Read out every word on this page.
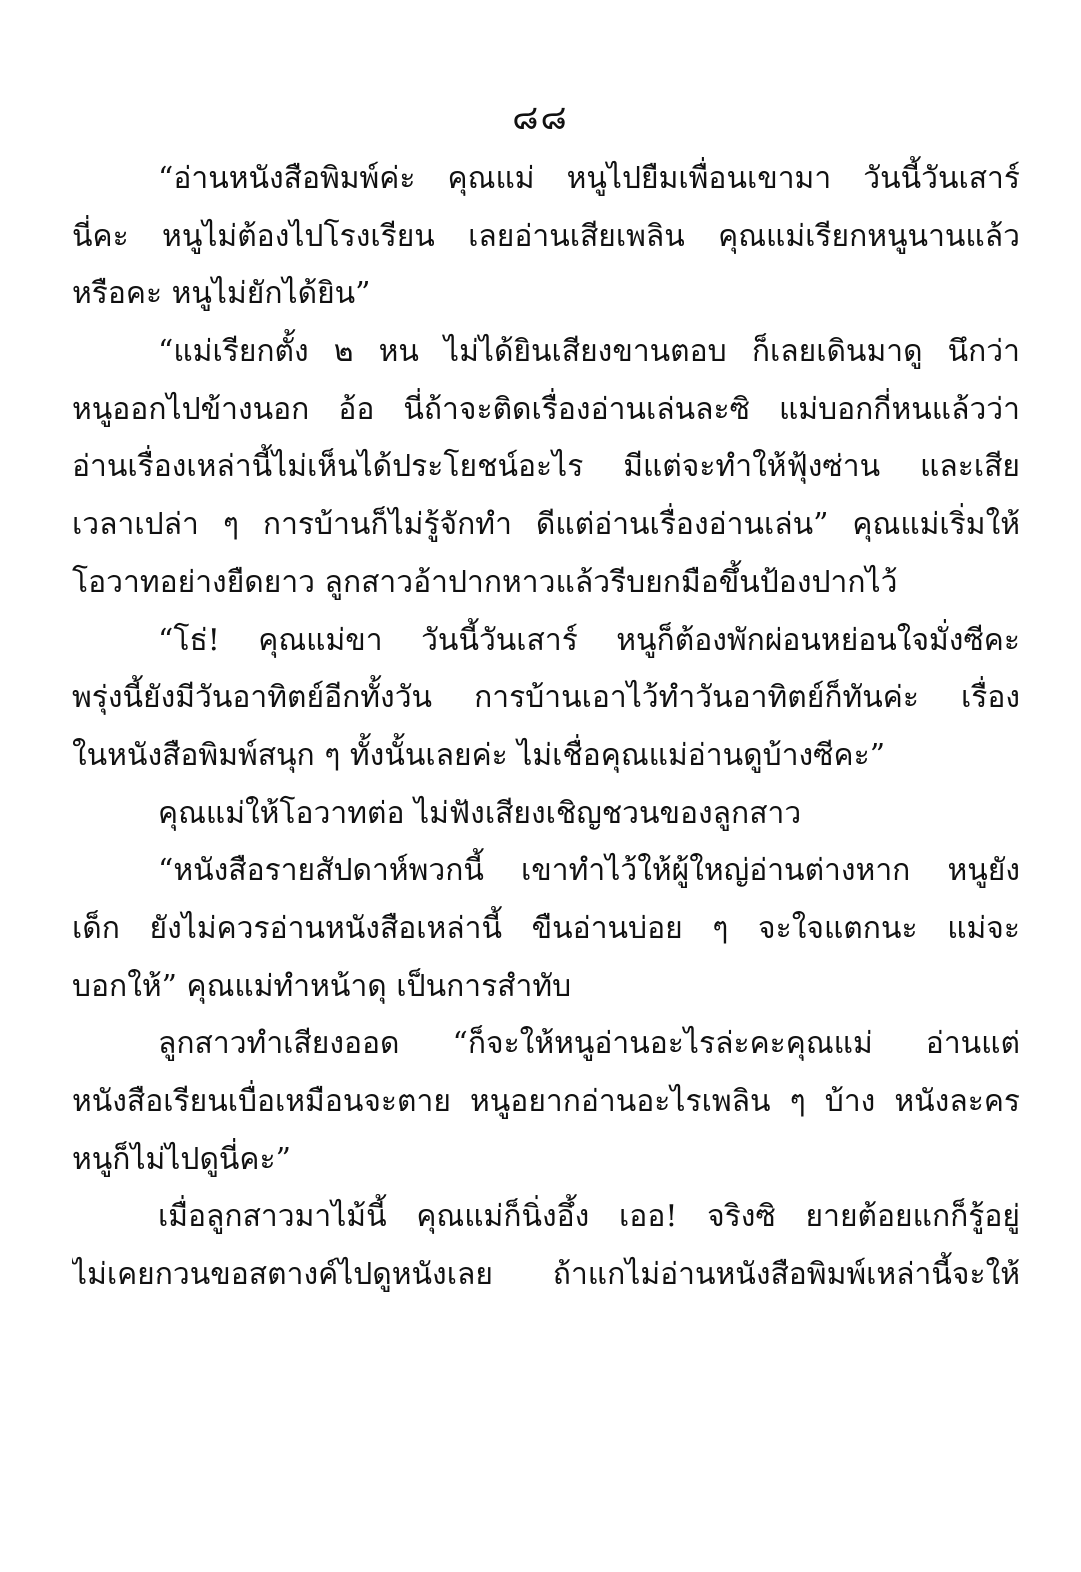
๘๘
“อ่านหนังสือพิมพ์ค่ะ คุณแม่ หนูไปยืมเพื่อนเขามา วันนี้วันเสาร์
นี่คะ หนูไม่ต้องไปโรงเรียน เลยอ่านเสียเพลิน คุณแม่เรียกหนูนานแล้ว
หรือคะ หนูไม่ยักได้ยิน”
“แม่เรียกตั้ง ๒ หน ไม่ได้ยินเสียงขานตอบ ก็เลยเดินมาดู นึกว่า
หนูออกไปข้างนอก อ้อ นี่ถ้าจะติดเรื่องอ่านเล่นละซิ แม่บอกกี่หนแล้วว่า
อ่านเรื่องเหล่านี้ไม่เห็นได้ประโยชน์อะไร มีแต่จะทำให้ฟุ้งซ่าน และเสีย
เวลาเปล่า ๆ การบ้านก็ไม่รู้จักทำ ดีแต่อ่านเรื่องอ่านเล่น” คุณแม่เริ่มให้
โอวาทอย่างยืดยาว ลูกสาวอ้าปากหาวแล้วรีบยกมือขึ้นป้องปากไว้
“โธ่! คุณแม่ขา วันนี้วันเสาร์ หนูก็ต้องพักผ่อนหย่อนใจมั่งซีคะ
พรุ่งนี้ยังมีวันอาทิตย์อีกทั้งวัน การบ้านเอาไว้ทำวันอาทิตย์ก็ทันค่ะ เรื่อง
ในหนังสือพิมพ์สนุก ๆ ทั้งนั้นเลยค่ะ ไม่เชื่อคุณแม่อ่านดูบ้างซีคะ”
คุณแม่ให้โอวาทต่อ ไม่ฟังเสียงเชิญชวนของลูกสาว
“หนังสือรายสัปดาห์พวกนี้ เขาทำไว้ให้ผู้ใหญ่อ่านต่างหาก หนูยัง
เด็ก ยังไม่ควรอ่านหนังสือเหล่านี้ ขืนอ่านบ่อย ๆ จะใจแตกนะ แม่จะ
บอกให้” คุณแม่ทำหน้าดุ เป็นการสำทับ
ลูกสาวทำเสียงออด “ก็จะให้หนูอ่านอะไรล่ะคะคุณแม่ อ่านแต่
หนังสือเรียนเบื่อเหมือนจะตาย หนูอยากอ่านอะไรเพลิน ๆ บ้าง หนังละคร
หนูก็ไม่ไปดูนี่คะ”
เมื่อลูกสาวมาไม้นี้ คุณแม่ก็นิ่งอึ้ง เออ! จริงซิ ยายต้อยแกก็รู้อยู่
ไม่เคยกวนขอสตางค์ไปดูหนังเลย ถ้าแกไม่อ่านหนังสือพิมพ์เหล่านี้จะให้
